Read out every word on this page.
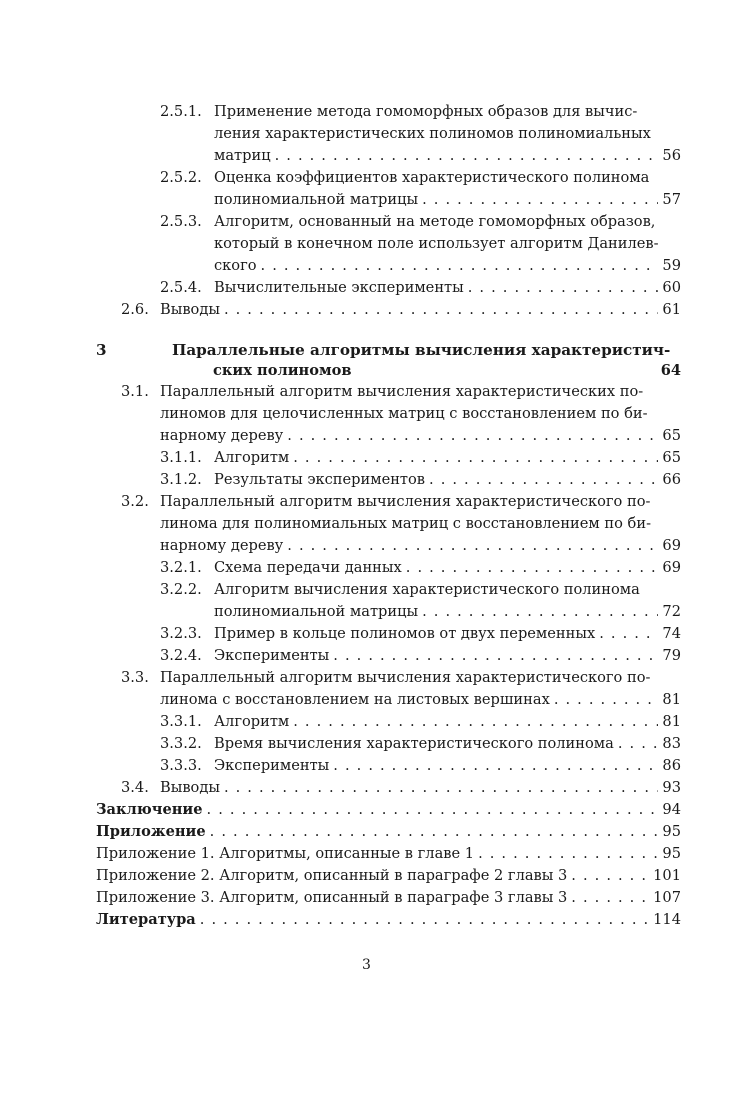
2.5.1. Применение метода гомоморфных образов для вычис-
ления характеристических полиномов полиномиальных
матриц . . .	56
2.5.2. Оценка коэффициентов характеристического полинома
полиномиальной матрицы . . .	57
2.5.3. Алгоритм, основанный на методе гомоморфных образов,
который в конечном поле использует алгоритм Данилев-
ского . . .	59
2.5.4. Вычислительные эксперименты . . .	60
2.6. Выводы . . .	61
3	Параллельные алгоритмы вычисления характеристич-
ских полиномов	64
3.1. Параллельный алгоритм вычисления характеристических по-
линомов для целочисленных матриц с восстановлением по би-
нарному дереву . . .	65
3.1.1. Алгоритм . . .	65
3.1.2. Результаты экспериментов . . .	66
3.2. Параллельный алгоритм вычисления характеристического по-
линома для полиномиальных матриц с восстановлением по би-
нарному дереву . . .	69
3.2.1. Схема передачи данных . . .	69
3.2.2. Алгоритм вычисления характеристического полинома
полиномиальной матрицы . . .	72
3.2.3. Пример в кольце полиномов от двух переменных . . .	74
3.2.4. Эксперименты . . .	79
3.3. Параллельный алгоритм вычисления характеристического по-
линома с восстановлением на листовых вершинах . . .	81
3.3.1. Алгоритм . . .	81
3.3.2. Время вычисления характеристического полинома . . .	83
3.3.3. Эксперименты . . .	86
3.4. Выводы . . .	93
Заключение . . .	94
Приложение . . .	95
Приложение 1. Алгоритмы, описанные в главе 1 . . .	95
Приложение 2. Алгоритм, описанный в параграфе 2 главы 3 . . .	101
Приложение 3. Алгоритм, описанный в параграфе 3 главы 3 . . .	107
Литература . . .	114
3
